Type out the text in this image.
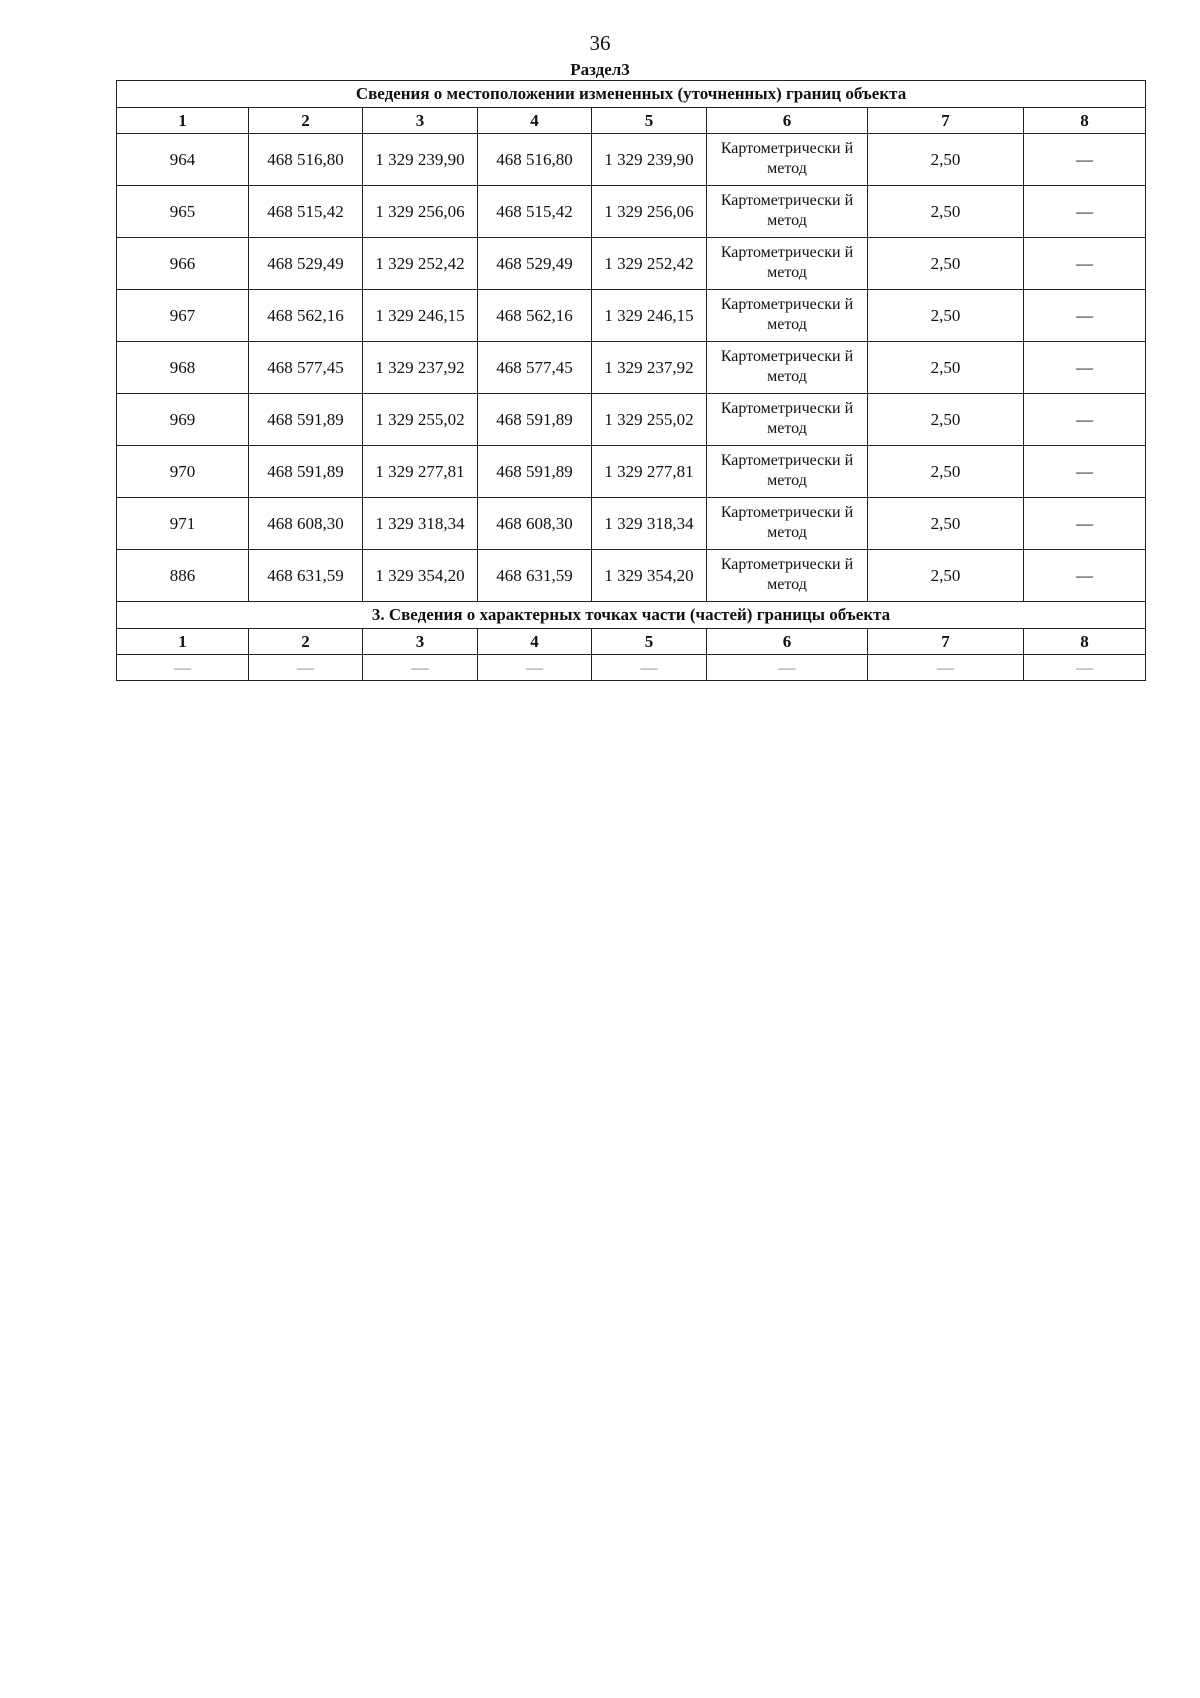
36
Раздел3
Сведения о местоположении измененных (уточненных) границ объекта							
1	2	3	4	5	6	7	8
964	468 516,80	1 329 239,90	468 516,80	1 329 239,90	Картометрически й метод	2,50	—
965	468 515,42	1 329 256,06	468 515,42	1 329 256,06	Картометрически й метод	2,50	—
966	468 529,49	1 329 252,42	468 529,49	1 329 252,42	Картометрически й метод	2,50	—
967	468 562,16	1 329 246,15	468 562,16	1 329 246,15	Картометрически й метод	2,50	—
968	468 577,45	1 329 237,92	468 577,45	1 329 237,92	Картометрически й метод	2,50	—
969	468 591,89	1 329 255,02	468 591,89	1 329 255,02	Картометрически й метод	2,50	—
970	468 591,89	1 329 277,81	468 591,89	1 329 277,81	Картометрически й метод	2,50	—
971	468 608,30	1 329 318,34	468 608,30	1 329 318,34	Картометрически й метод	2,50	—
886	468 631,59	1 329 354,20	468 631,59	1 329 354,20	Картометрически й метод	2,50	—
3. Сведения о характерных точках части (частей) границы объекта							
1	2	3	4	5	6	7	8
—	—	—	—	—	—	—	—
